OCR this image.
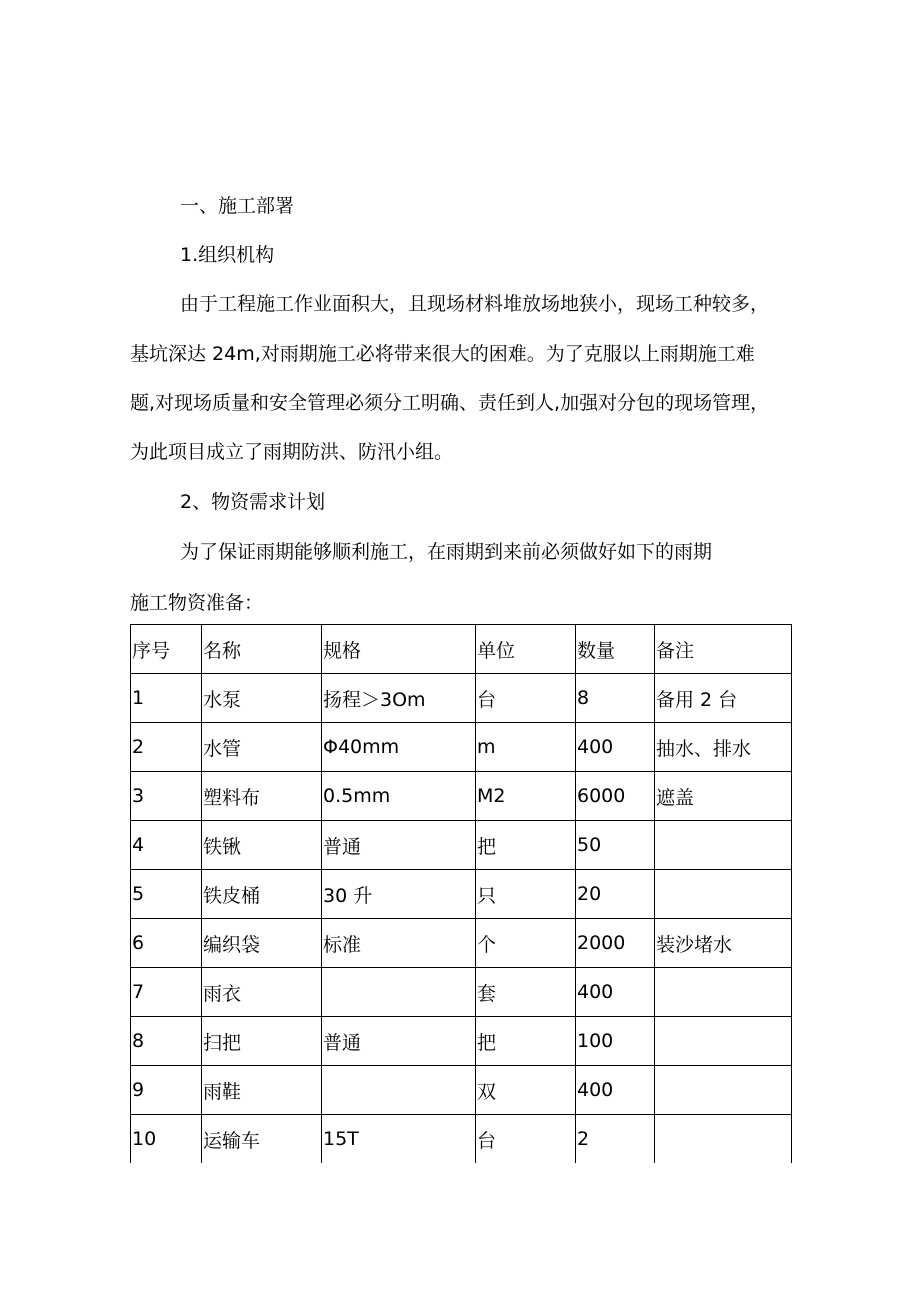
一、施工部署
1.组织机构
由于工程施工作业面积大，且现场材料堆放场地狭小，现场工种较多，
基坑深达 24m,对雨期施工必将带来很大的困难。为了克服以上雨期施工难
题,对现场质量和安全管理必须分工明确、责任到人,加强对分包的现场管理，
为此项目成立了雨期防洪、防汛小组。
2、物资需求计划
为了保证雨期能够顺利施工，在雨期到来前必须做好如下的雨期
施工物资准备：
序号	名称	规格	单位	数量	备注
1	水泵	扬程＞3Om	台	8	备用 2 台
2	水管	Φ40mm	m	400	抽水、排水
3	塑料布	0.5mm	M2	6000	遮盖
4	铁锹	普通	把	50	
5	铁皮桶	30 升	只	20	
6	编织袋	标准	个	2000	装沙堵水
7	雨衣		套	400	
8	扫把	普通	把	100	
9	雨鞋		双	400	
10	运输车	15T	台	2	
